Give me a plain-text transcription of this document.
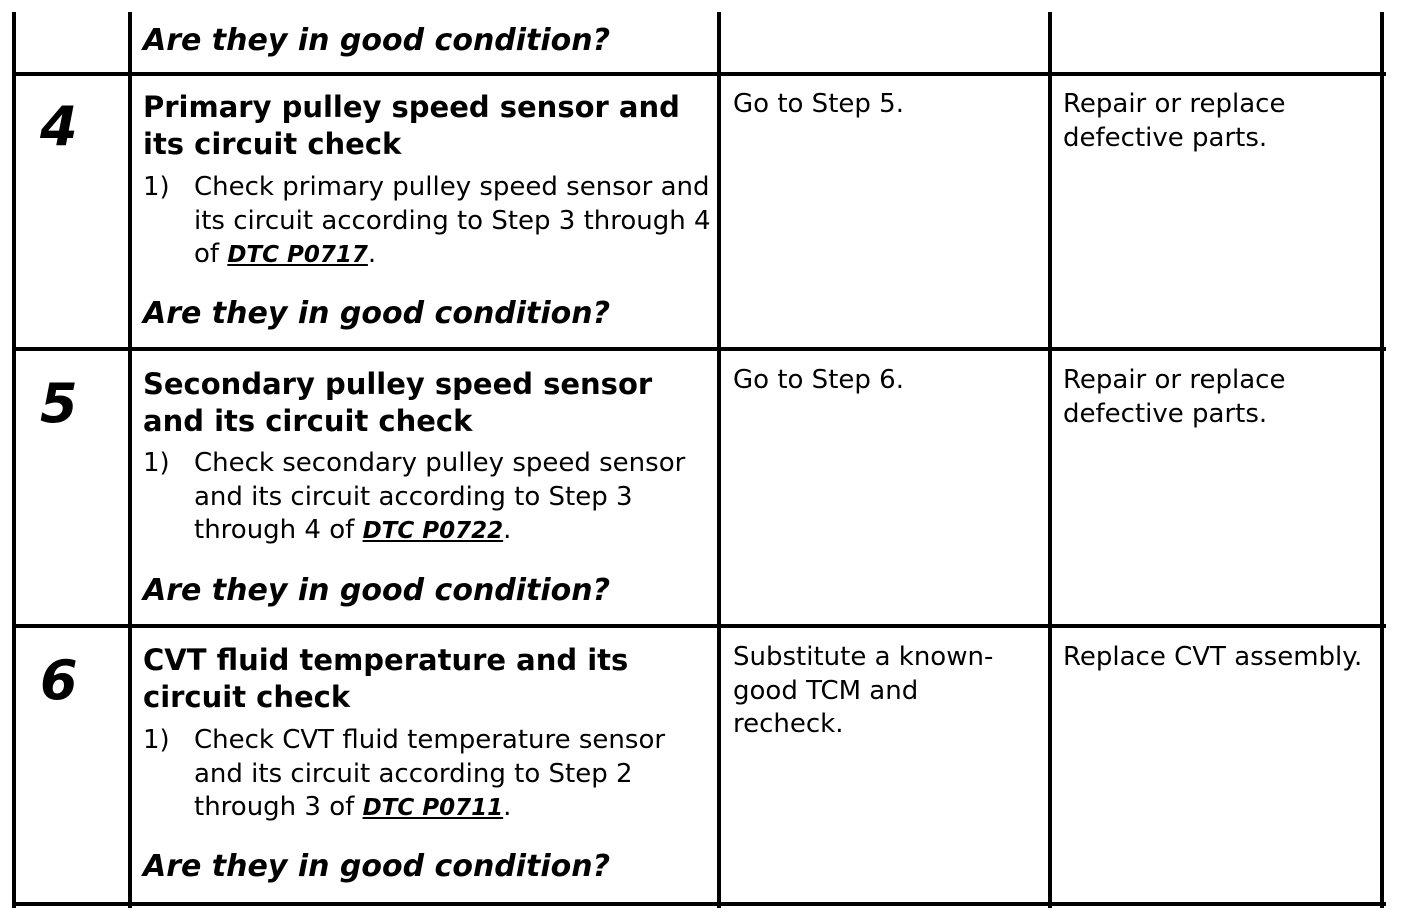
Are they in good condition?
4 Primary pulley speed sensor and its circuit check
1) Check primary pulley speed sensor and its circuit according to Step 3 through 4 of DTC P0717.
Are they in good condition?
Go to Step 5.	Repair or replace defective parts.
5 Secondary pulley speed sensor and its circuit check
1) Check secondary pulley speed sensor and its circuit according to Step 3 through 4 of DTC P0722.
Are they in good condition?
Go to Step 6.	Repair or replace defective parts.
6 CVT fluid temperature and its circuit check
1) Check CVT fluid temperature sensor and its circuit according to Step 2 through 3 of DTC P0711.
Are they in good condition?
Substitute a known-good TCM and recheck.
Replace CVT assembly.
